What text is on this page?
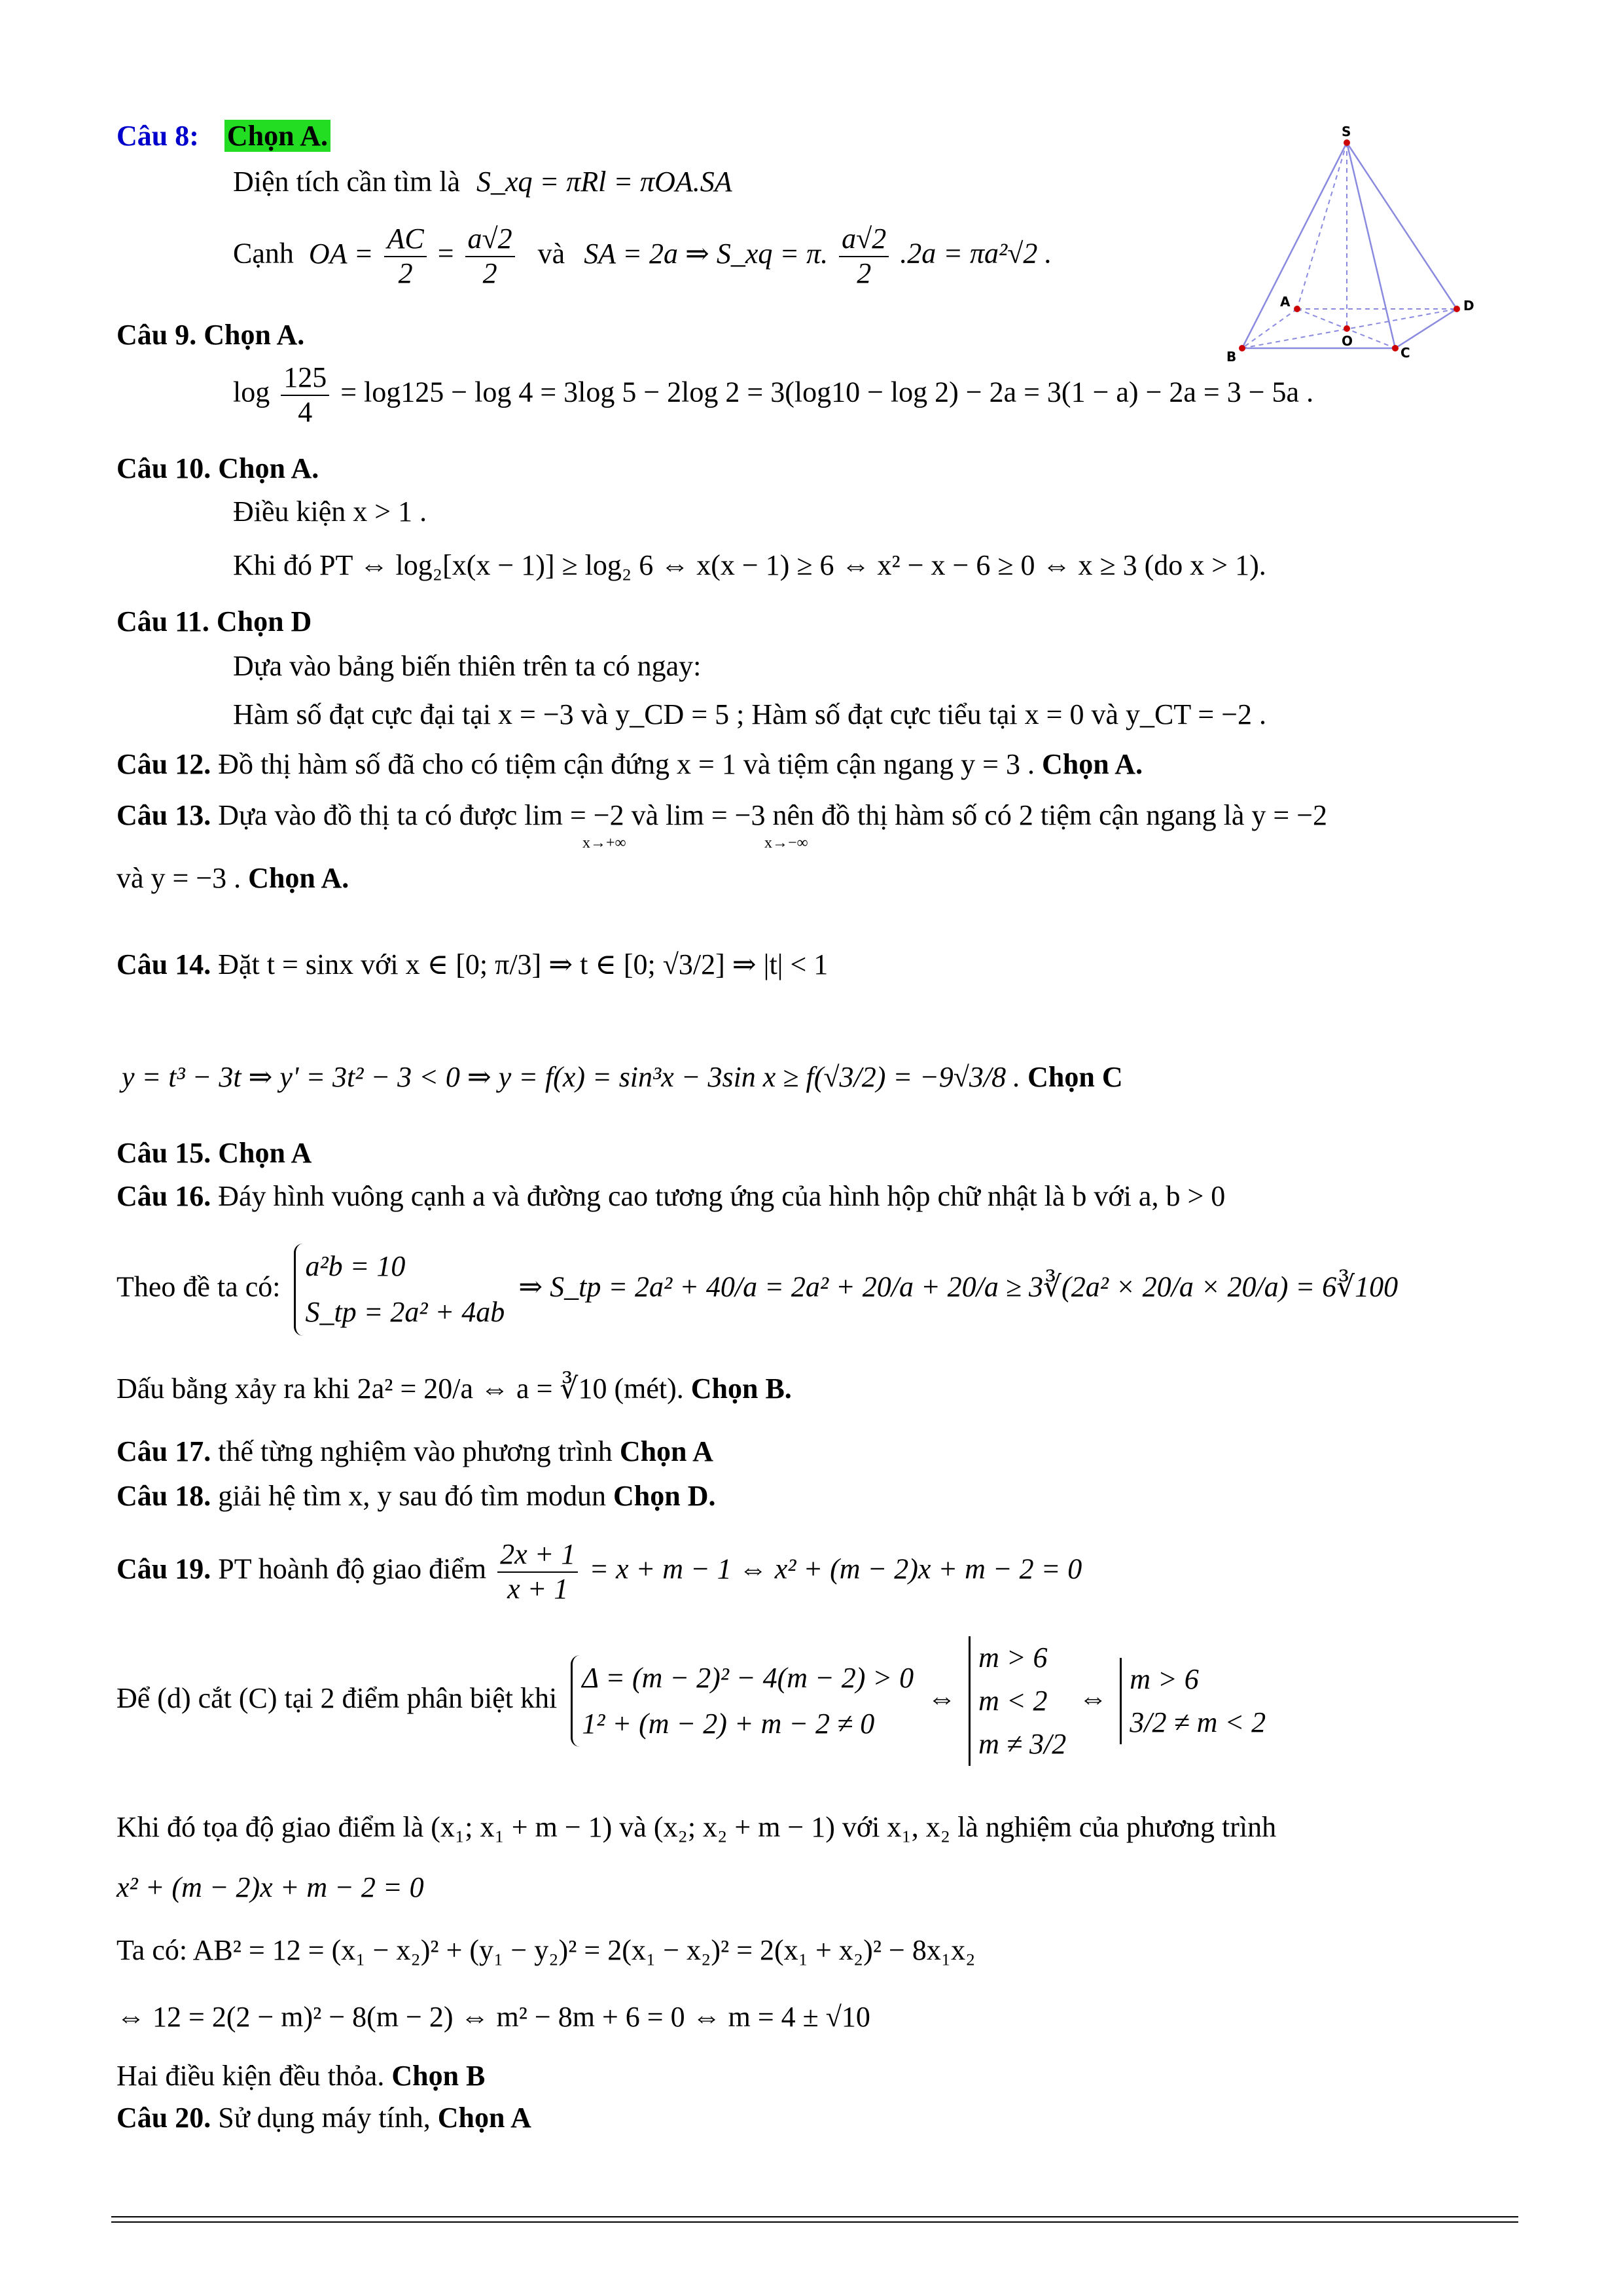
Câu 8: Chọn A.
Diện tích cần tìm là S_xq = πRl = πOA.SA
Cạnh OA = $\frac{AC}{2} = \frac{a√2}{2}$ và SA = 2a ⇒ S_xq = π. $\frac{a√2}{2} .2a = \pi a^2√2$ .
S
A
B	C
D
O
Câu 9. Chọn A.
$\log \frac{125}{4} = \log 125 - \log 4 = 3\log$ 5 − 2log 2 = 3(log10 − log 2) − 2a = 3(1 − a) − 2a = 3 − 5a .
Câu 10. Chọn A.
Điều kiện x > 1 .
Khi đó PT ⇔ log₂[x(x − 1)] ≥ log₂ 6 ⇔ x(x − 1) ≥ 6 ⇔ x² − x − 6 ≥ 0 ⇔ x ≥ 3 (do x > 1).
Câu 11. Chọn D
Dựa vào bảng biến thiên trên ta có ngay:
Hàm số đạt cực đại tại x = −3 và y_CD = 5 ; Hàm số đạt cực tiểu tại x = 0 và y_CT = −2 .
Câu 12. Đồ thị hàm số đã cho có tiệm cận đứng x = 1 và tiệm cận ngang y = 3 . Chọn A.
Câu 13. Dựa vào đồ thị ta có được lim = −2 và lim = −3 nên đồ thị hàm số có 2 tiệm cận ngang là y = −2
x→+∞	x→−∞
và y = −3 . Chọn A.
Câu 14. Đặt t = sinx với x ∈ [0; π/3] ⇒ t ∈ [0; √3/2] ⇒ |t| < 1
y = t³ − 3t ⇒ y' = 3t² − 3 < 0 ⇒ y = f(x) = sin³x − 3sin x ≥ f(√3/2) = −9√3/8 . Chọn C
Câu 15. Chọn A
Câu 16. Đáy hình vuông cạnh a và đường cao tương ứng của hình hộp chữ nhật là b với a, b > 0
Theo đề ta có:
a²b = 10
S_tp = 2a² + 4ab
⇒ S_tp = 2a² + 40/a = 2a² + 20/a + 20/a ≥ 3∛(2a² × 20/a × 20/a) = 6∛100
Dấu bằng xảy ra khi 2a² = 20/a ⇔ a = ∛10 (mét). Chọn B.
Câu 17. thế từng nghiệm vào phương trình Chọn A
Câu 18. giải hệ tìm x, y sau đó tìm modun Chọn D.
Câu 19. PT hoành độ giao điểm $\frac{2x + 1}{x + 1} = x + m - 1$ ⇔ x² + (m − 2)x + m − 2 = 0
Để (d) cắt (C) tại 2 điểm phân biệt khi
Δ = (m − 2)² − 4(m − 2) > 0
1² + (m − 2) + m − 2 ≠ 0
⇔
m > 6
m < 2
m ≠ 3/2
⇔
m > 6
3/2 ≠ m < 2
Khi đó tọa độ giao điểm là (x₁; x₁ + m − 1) và (x₂; x₂ + m − 1) với x₁, x₂ là nghiệm của phương trình
x² + (m − 2)x + m − 2 = 0
Ta có: AB² = 12 = (x₁ − x₂)² + (y₁ − y₂)² = 2(x₁ − x₂)² = 2(x₁ + x₂)² − 8x₁x₂
⇔ 12 = 2(2 − m)² − 8(m − 2) ⇔ m² − 8m + 6 = 0 ⇔ m = 4 ± √10
Hai điều kiện đều thỏa. Chọn B
Câu 20. Sử dụng máy tính, Chọn A
